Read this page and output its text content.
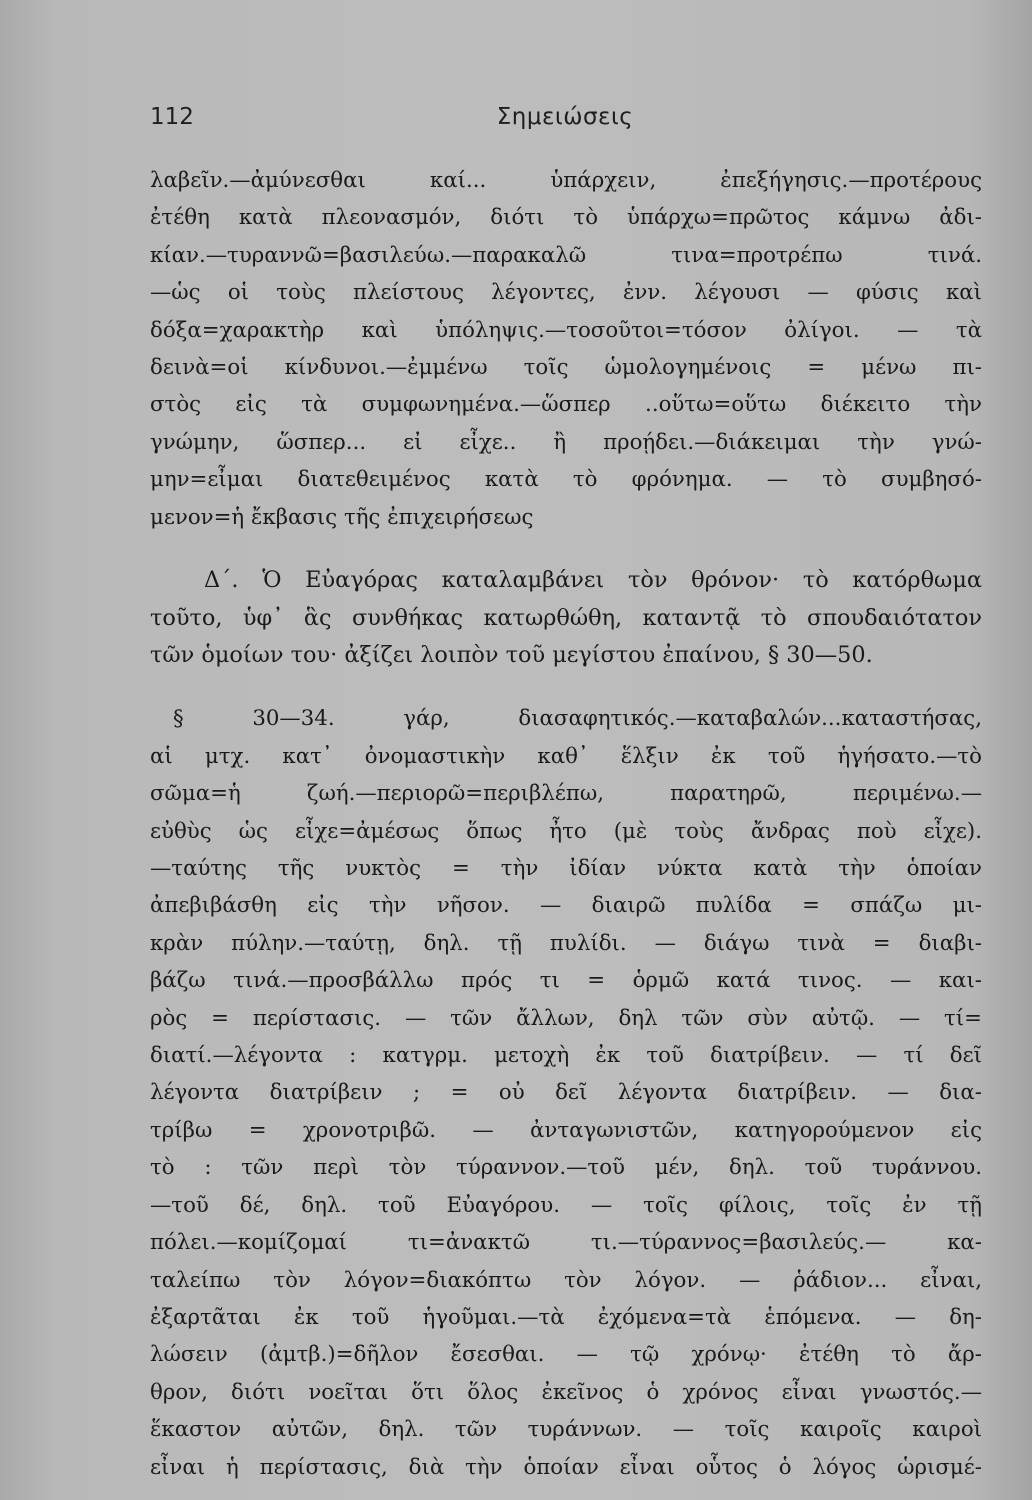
112	Σημειώσεις
λαβεῖν.—ἀμύνεσθαι καί... ὑπάρχειν, ἐπεξήγησις.—προτέρους
ἐτέθη κατὰ πλεονασμόν, διότι τὸ ὑπάρχω=πρῶτος κάμνω ἀδι-
κίαν.—τυραννῶ=βασιλεύω.—παρακαλῶ τινα=προτρέπω τινά.
—ὡς οἱ τοὺς πλείστους λέγοντες, ἐνν. λέγουσι — φύσις καὶ
δόξα=χαρακτὴρ καὶ ὑπόληψις.—τοσοῦτοι=τόσον ὀλίγοι. — τὰ
δεινὰ=οἱ κίνδυνοι.—ἐμμένω τοῖς ὡμολογημένοις = μένω πι-
στὸς εἰς τὰ συμφωνημένα.—ὥσπερ ..οὕτω=οὕτω διέκειτο τὴν
γνώμην, ὥσπερ... εἰ εἶχε.. ἢ προῄδει.—διάκειμαι τὴν γνώ-
μην=εἶμαι διατεθειμένος κατὰ τὸ φρόνημα. — τὸ συμβησό-
μενον=ἡ ἔκβασις τῆς ἐπιχειρήσεως
Δ΄. Ὁ Εὐαγόρας καταλαμβάνει τὸν θρόνον· τὸ κατόρθωμα
τοῦτο, ὑφ᾽ ἃς συνθήκας κατωρθώθη, καταντᾷ τὸ σπουδαιότατον
τῶν ὁμοίων του· ἀξίζει λοιπὸν τοῦ μεγίστου ἐπαίνου, § 30—50.
§ 30—34. γάρ, διασαφητικός.—καταβαλών...καταστήσας,
αἱ μτχ. κατ᾽ ὀνομαστικὴν καθ᾽ ἕλξιν ἐκ τοῦ ἡγήσατο.—τὸ
σῶμα=ἡ ζωή.—περιορῶ=περιβλέπω, παρατηρῶ, περιμένω.—
εὐθὺς ὡς εἶχε=ἀμέσως ὅπως ἦτο (μὲ τοὺς ἄνδρας ποὺ εἶχε).
—ταύτης τῆς νυκτὸς = τὴν ἰδίαν νύκτα κατὰ τὴν ὁποίαν
ἀπεβιβάσθη εἰς τὴν νῆσον. — διαιρῶ πυλίδα = σπάζω μι-
κρὰν πύλην.—ταύτῃ, δηλ. τῇ πυλίδι. — διάγω τινὰ = διαβι-
βάζω τινά.—προσβάλλω πρός τι = ὁρμῶ κατά τινος. — και-
ρὸς = περίστασις. — τῶν ἄλλων, δηλ τῶν σὺν αὐτῷ. — τί=
διατί.—λέγοντα : κατγρμ. μετοχὴ ἐκ τοῦ διατρίβειν. — τί δεῖ
λέγοντα διατρίβειν ; = οὐ δεῖ λέγοντα διατρίβειν. — δια-
τρίβω = χρονοτριβῶ. — ἀνταγωνιστῶν, κατηγορούμενον εἰς
τὸ : τῶν περὶ τὸν τύραννον.—τοῦ μέν, δηλ. τοῦ τυράννου.
—τοῦ δέ, δηλ. τοῦ Εὐαγόρου. — τοῖς φίλοις, τοῖς ἐν τῇ
πόλει.—κομίζομαί τι=ἀνακτῶ τι.—τύραννος=βασιλεύς.— κα-
ταλείπω τὸν λόγον=διακόπτω τὸν λόγον. — ῥάδιον... εἶναι,
ἐξαρτᾶται ἐκ τοῦ ἡγοῦμαι.—τὰ ἐχόμενα=τὰ ἑπόμενα. — δη-
λώσειν (ἀμτβ.)=δῆλον ἔσεσθαι. — τῷ χρόνῳ· ἐτέθη τὸ ἄρ-
θρον, διότι νοεῖται ὅτι ὅλος ἐκεῖνος ὁ χρόνος εἶναι γνωστός.—
ἕκαστον αὐτῶν, δηλ. τῶν τυράννων. — τοῖς καιροῖς καιροὶ
εἶναι ἡ περίστασις, διὰ τὴν ὁποίαν εἶναι οὗτος ὁ λόγος ὡρισμέ-
